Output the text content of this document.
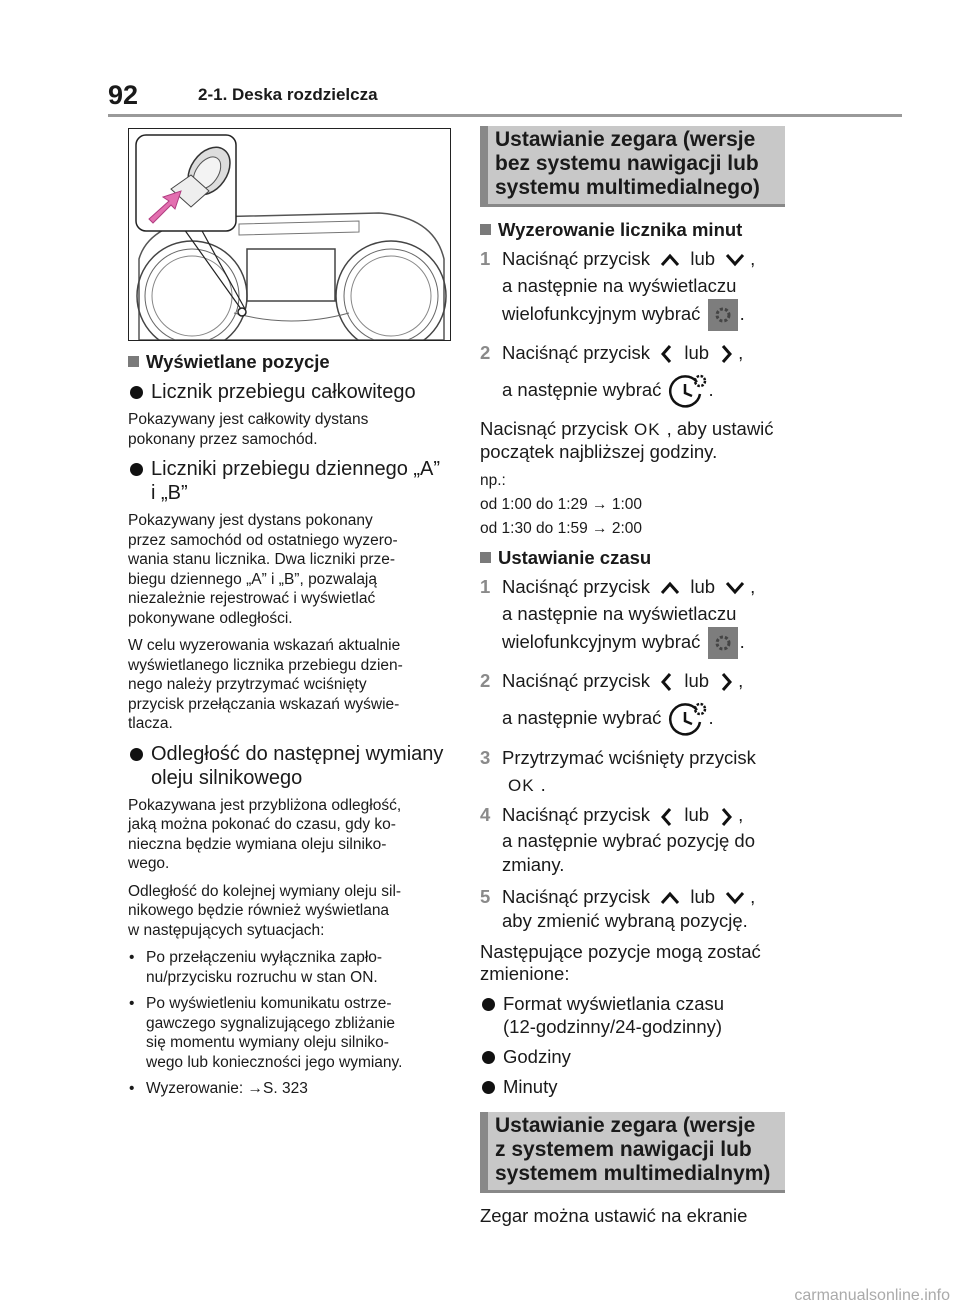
92	2-1. Deska rozdzielcza
Wyświetlane pozycje
Licznik przebiegu całkowitego

Pokazywany jest całkowity dystans
pokonany przez samochód.

Liczniki przebiegu dziennego „A”
i „B”

Pokazywany jest dystans pokonany
przez samochód od ostatniego wyzero-
wania stanu licznika. Dwa liczniki prze-
biegu dziennego „A” i „B”, pozwalają
niezależnie rejestrować i wyświetlać
pokonywane odległości.

W celu wyzerowania wskazań aktualnie
wyświetlanego licznika przebiegu dzien-
nego należy przytrzymać wciśnięty
przycisk przełączania wskazań wyświe-
tlacza.

Odległość do następnej wymiany
oleju silnikowego

Pokazywana jest przybliżona odległość,
jaką można pokonać do czasu, gdy ko-
nieczna będzie wymiana oleju silniko-
wego.

Odległość do kolejnej wymiany oleju sil-
nikowego będzie również wyświetlana
w następujących sytuacjach:

• Po przełączeniu wyłącznika zapło-
nu/przycisku rozruchu w stan ON.
• Po wyświetleniu komunikatu ostrze-
gawczego sygnalizującego zbliżanie
się momentu wymiany oleju silniko-
wego lub konieczności jego wymiany.
• Wyzerowanie: →S. 323
Ustawianie zegara (wersje
bez systemu nawigacji lub
systemu multimedialnego)
Wyzerowanie licznika minut
1 Naciśnąć przycisk lub ,
a następnie na wyświetlaczu
wielofunkcyjnym wybrać .
2 Naciśnąć przycisk lub ,
a następnie wybrać	.

Nacisnąć przycisk OK , aby ustawić
początek najbliższej godziny.

np.:

od 1:00 do 1:29 → 1:00

od 1:30 do 1:59 → 2:00

Ustawianie czasu
1 Naciśnąć przycisk lub ,
a następnie na wyświetlaczu
wielofunkcyjnym wybrać .
2 Naciśnąć przycisk lub ,
a następnie wybrać	.
3 Przytrzymać wciśnięty przycisk
OK .
4 Naciśnąć przycisk lub ,
a następnie wybrać pozycję do
zmiany.
5 Naciśnąć przycisk lub ,
aby zmienić wybraną pozycję.

Następujące pozycje mogą zostać
zmienione:

Format wyświetlania czasu
(12-godzinny/24-godzinny)
Godziny
Minuty
Ustawianie zegara (wersje
z systemem nawigacji lub
systemem multimedialnym)

Zegar można ustawić na ekranie

carmanualsonline.info
